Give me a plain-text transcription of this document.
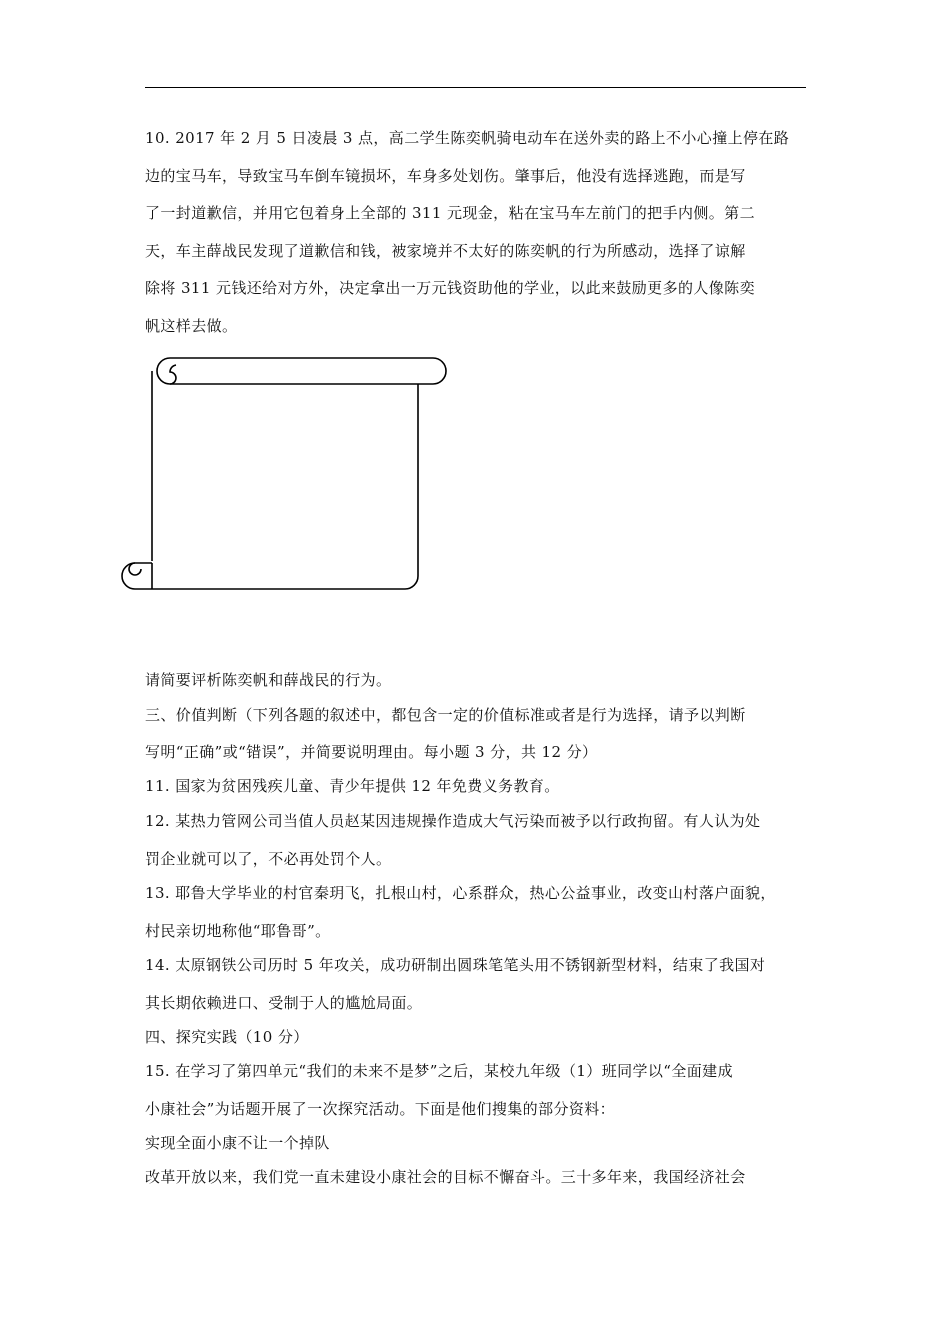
10. 2017 年 2 月 5 日凌晨 3 点，高二学生陈奕帆骑电动车在送外卖的路上不小心撞上停在路

边的宝马车，导致宝马车倒车镜损坏，车身多处划伤。肇事后，他没有选择逃跑，而是写

了一封道歉信，并用它包着身上全部的 311 元现金，粘在宝马车左前门的把手内侧。第二

天，车主薛战民发现了道歉信和钱，被家境并不太好的陈奕帆的行为所感动，选择了谅解

除将 311 元钱还给对方外，决定拿出一万元钱资助他的学业，以此来鼓励更多的人像陈奕

帆这样去做。

请简要评析陈奕帆和薛战民的行为。

三、价值判断（下列各题的叙述中，都包含一定的价值标准或者是行为选择，请予以判断

写明“正确”或“错误”，并简要说明理由。每小题 3 分，共 12 分）

11. 国家为贫困残疾儿童、青少年提供 12 年免费义务教育。

12. 某热力管网公司当值人员赵某因违规操作造成大气污染而被予以行政拘留。有人认为处

罚企业就可以了，不必再处罚个人。

13. 耶鲁大学毕业的村官秦玥飞，扎根山村，心系群众，热心公益事业，改变山村落户面貌，

村民亲切地称他“耶鲁哥”。

14. 太原钢铁公司历时 5 年攻关，成功研制出圆珠笔笔头用不锈钢新型材料，结束了我国对

其长期依赖进口、受制于人的尴尬局面。

四、探究实践（10 分）

15. 在学习了第四单元“我们的未来不是梦”之后，某校九年级（1）班同学以“全面建成

小康社会”为话题开展了一次探究活动。下面是他们搜集的部分资料：

实现全面小康不让一个掉队

改革开放以来，我们党一直未建设小康社会的目标不懈奋斗。三十多年来，我国经济社会
